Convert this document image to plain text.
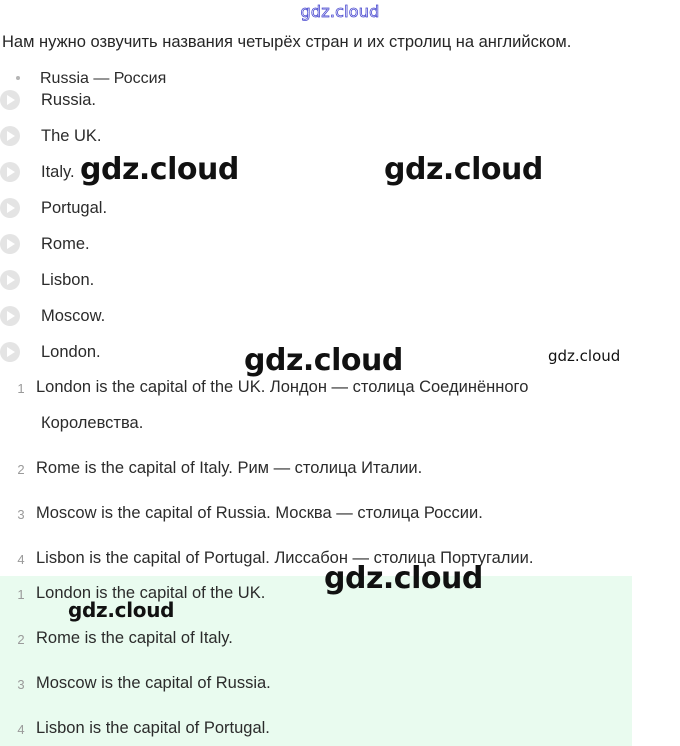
gdz.cloud
Нам нужно озвучить названия четырёх стран и их стролиц на английском.
Russia — Россия
Russia.
The UK.
Italy.
Portugal.
Rome.
Lisbon.
Moscow.
London.
1 London is the capital of the UK. Лондон — столица Соединённого
Королевства.
2 Rome is the capital of Italy. Рим — столица Италии.
3 Moscow is the capital of Russia. Москва — столица России.
4 Lisbon is the capital of Portugal. Лиссабон — столица Португалии.
1 London is the capital of the UK.
2 Rome is the capital of Italy.
3 Moscow is the capital of Russia.
4 Lisbon is the capital of Portugal.
gdz.cloud	gdz.cloud
gdz.cloud	gdz.cloud
gdz.cloud
gdz.cloud
